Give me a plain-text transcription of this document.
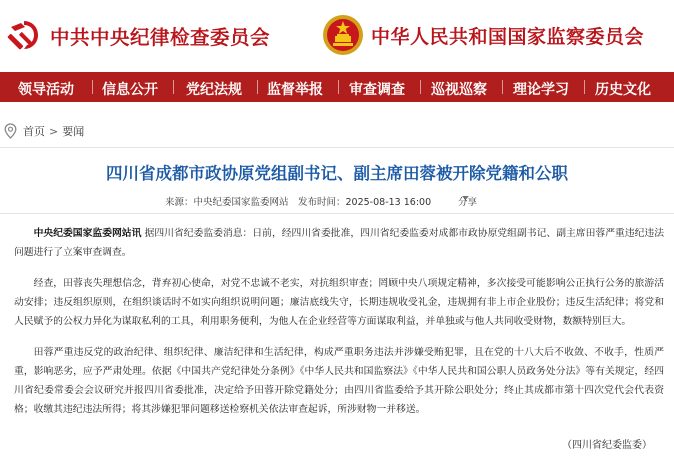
中共中央纪律检查委员会	中华人民共和国国家监察委员会
领导活动 信息公开 党纪法规 监督举报 审查调查 巡视巡察 理论学习 历史文化
首页 > 要闻
四川省成都市政协原党组副书记、副主席田蓉被开除党籍和公职
来源：中央纪委国家监委网站 发布时间：2025-08-13 16:00	分享

中央纪委国家监委网站讯 据四川省纪委监委消息：日前，经四川省委批准，四川省纪委监委对成都市政协原党组副书记、副主席田蓉严重违纪违法问题进行了立案审查调查。

经查，田蓉丧失理想信念，背弃初心使命，对党不忠诚不老实，对抗组织审查；罔顾中央八项规定精神，多次接受可能影响公正执行公务的旅游活动安排；违反组织原则，在组织谈话时不如实向组织说明问题；廉洁底线失守，长期违规收受礼金，违规拥有非上市企业股份；违反生活纪律；将党和人民赋予的公权力异化为谋取私利的工具，利用职务便利，为他人在企业经营等方面谋取利益，并单独或与他人共同收受财物，数额特别巨大。

田蓉严重违反党的政治纪律、组织纪律、廉洁纪律和生活纪律，构成严重职务违法并涉嫌受贿犯罪，且在党的十八大后不收敛、不收手，性质严重，影响恶劣，应予严肃处理。依据《中国共产党纪律处分条例》《中华人民共和国监察法》《中华人民共和国公职人员政务处分法》等有关规定，经四川省纪委常委会会议研究并报四川省委批准，决定给予田蓉开除党籍处分；由四川省监委给予其开除公职处分；终止其成都市第十四次党代会代表资格；收缴其违纪违法所得；将其涉嫌犯罪问题移送检察机关依法审查起诉，所涉财物一并移送。

（四川省纪委监委）
